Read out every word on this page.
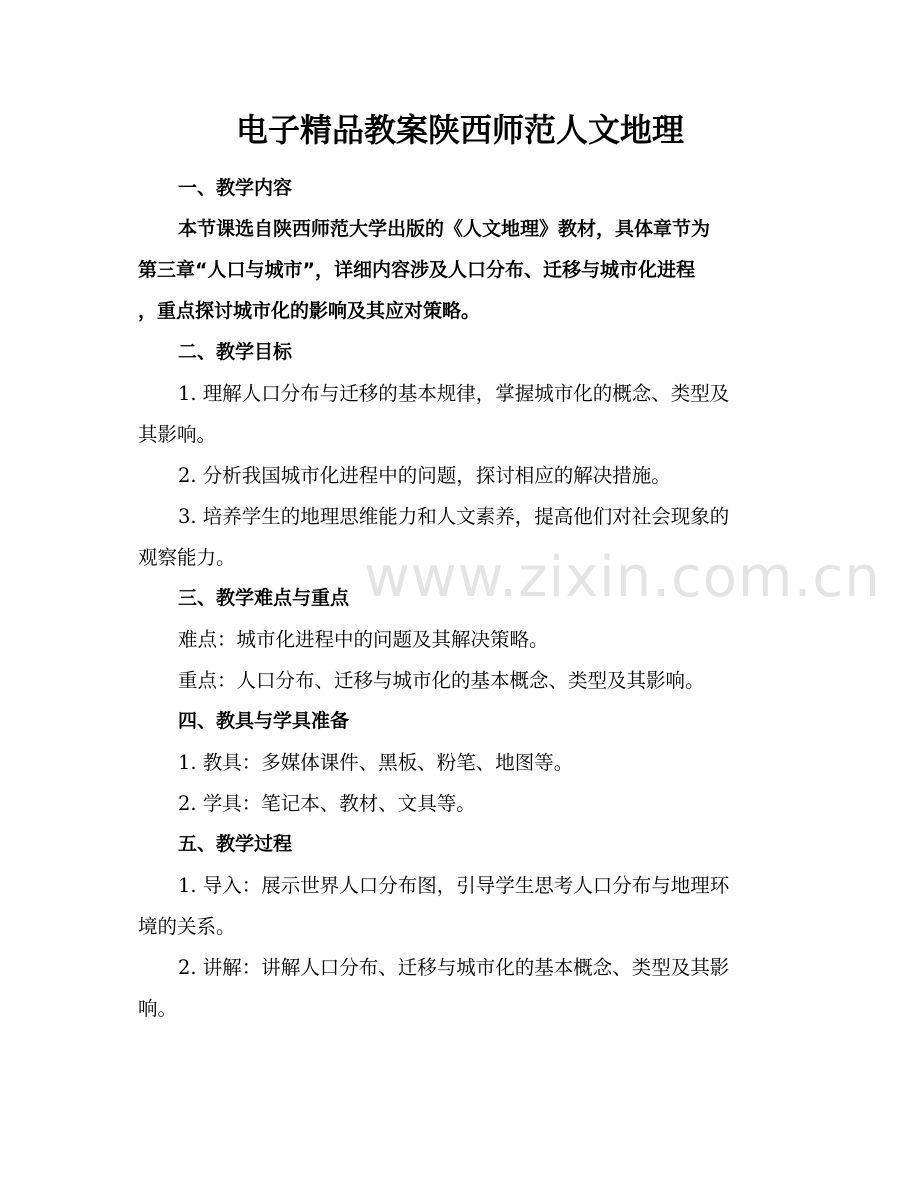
电子精品教案陕西师范人文地理
一、教学内容
本节课选自陕西师范大学出版的《人文地理》教材，具体章节为
第三章“人口与城市”，详细内容涉及人口分布、迁移与城市化进程
，重点探讨城市化的影响及其应对策略。
二、教学目标
1. 理解人口分布与迁移的基本规律，掌握城市化的概念、类型及
其影响。
2. 分析我国城市化进程中的问题，探讨相应的解决措施。
3. 培养学生的地理思维能力和人文素养，提高他们对社会现象的
观察能力。
三、教学难点与重点
难点：城市化进程中的问题及其解决策略。
重点：人口分布、迁移与城市化的基本概念、类型及其影响。
四、教具与学具准备
1. 教具：多媒体课件、黑板、粉笔、地图等。
2. 学具：笔记本、教材、文具等。
五、教学过程
1. 导入：展示世界人口分布图，引导学生思考人口分布与地理环
境的关系。
2. 讲解：讲解人口分布、迁移与城市化的基本概念、类型及其影
响。
www.zixin.com.cn
